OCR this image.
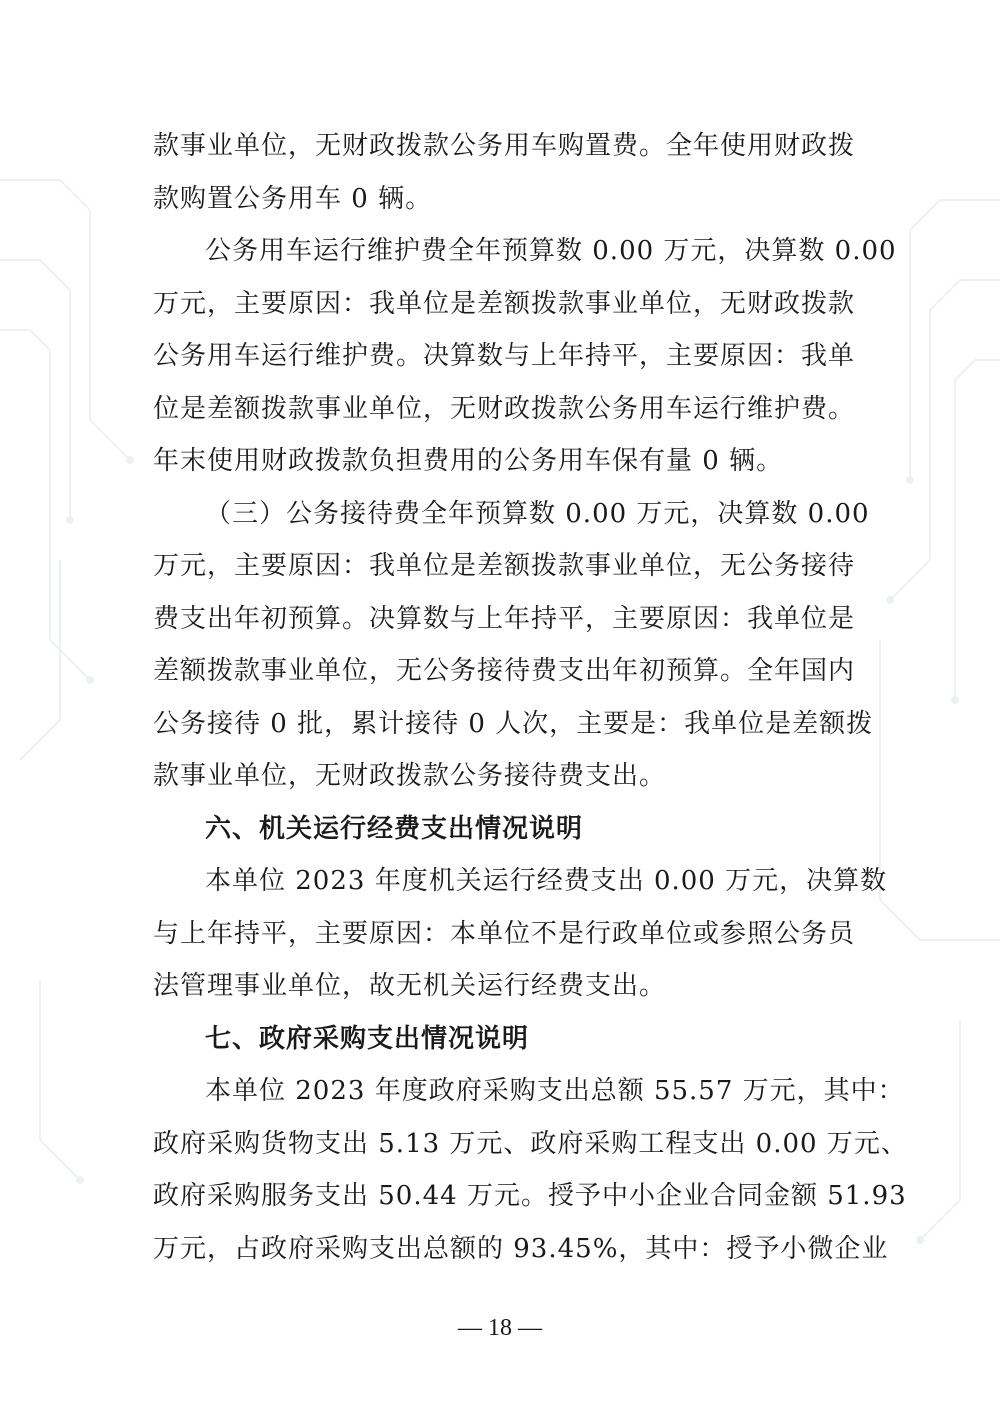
款事业单位，无财政拨款公务用车购置费。全年使用财政拨
款购置公务用车 0 辆。
公务用车运行维护费全年预算数 0.00 万元，决算数 0.00
万元，主要原因：我单位是差额拨款事业单位，无财政拨款
公务用车运行维护费。决算数与上年持平，主要原因：我单
位是差额拨款事业单位，无财政拨款公务用车运行维护费。
年末使用财政拨款负担费用的公务用车保有量 0 辆。
（三）公务接待费全年预算数 0.00 万元，决算数 0.00
万元，主要原因：我单位是差额拨款事业单位，无公务接待
费支出年初预算。决算数与上年持平，主要原因：我单位是
差额拨款事业单位，无公务接待费支出年初预算。全年国内
公务接待 0 批，累计接待 0 人次，主要是：我单位是差额拨
款事业单位，无财政拨款公务接待费支出。
六、机关运行经费支出情况说明
本单位 2023 年度机关运行经费支出 0.00 万元，决算数
与上年持平，主要原因：本单位不是行政单位或参照公务员
法管理事业单位，故无机关运行经费支出。
七、政府采购支出情况说明
本单位 2023 年度政府采购支出总额 55.57 万元，其中：
政府采购货物支出 5.13 万元、政府采购工程支出 0.00 万元、
政府采购服务支出 50.44 万元。授予中小企业合同金额 51.93
万元，占政府采购支出总额的 93.45%，其中：授予小微企业
— 18 —
